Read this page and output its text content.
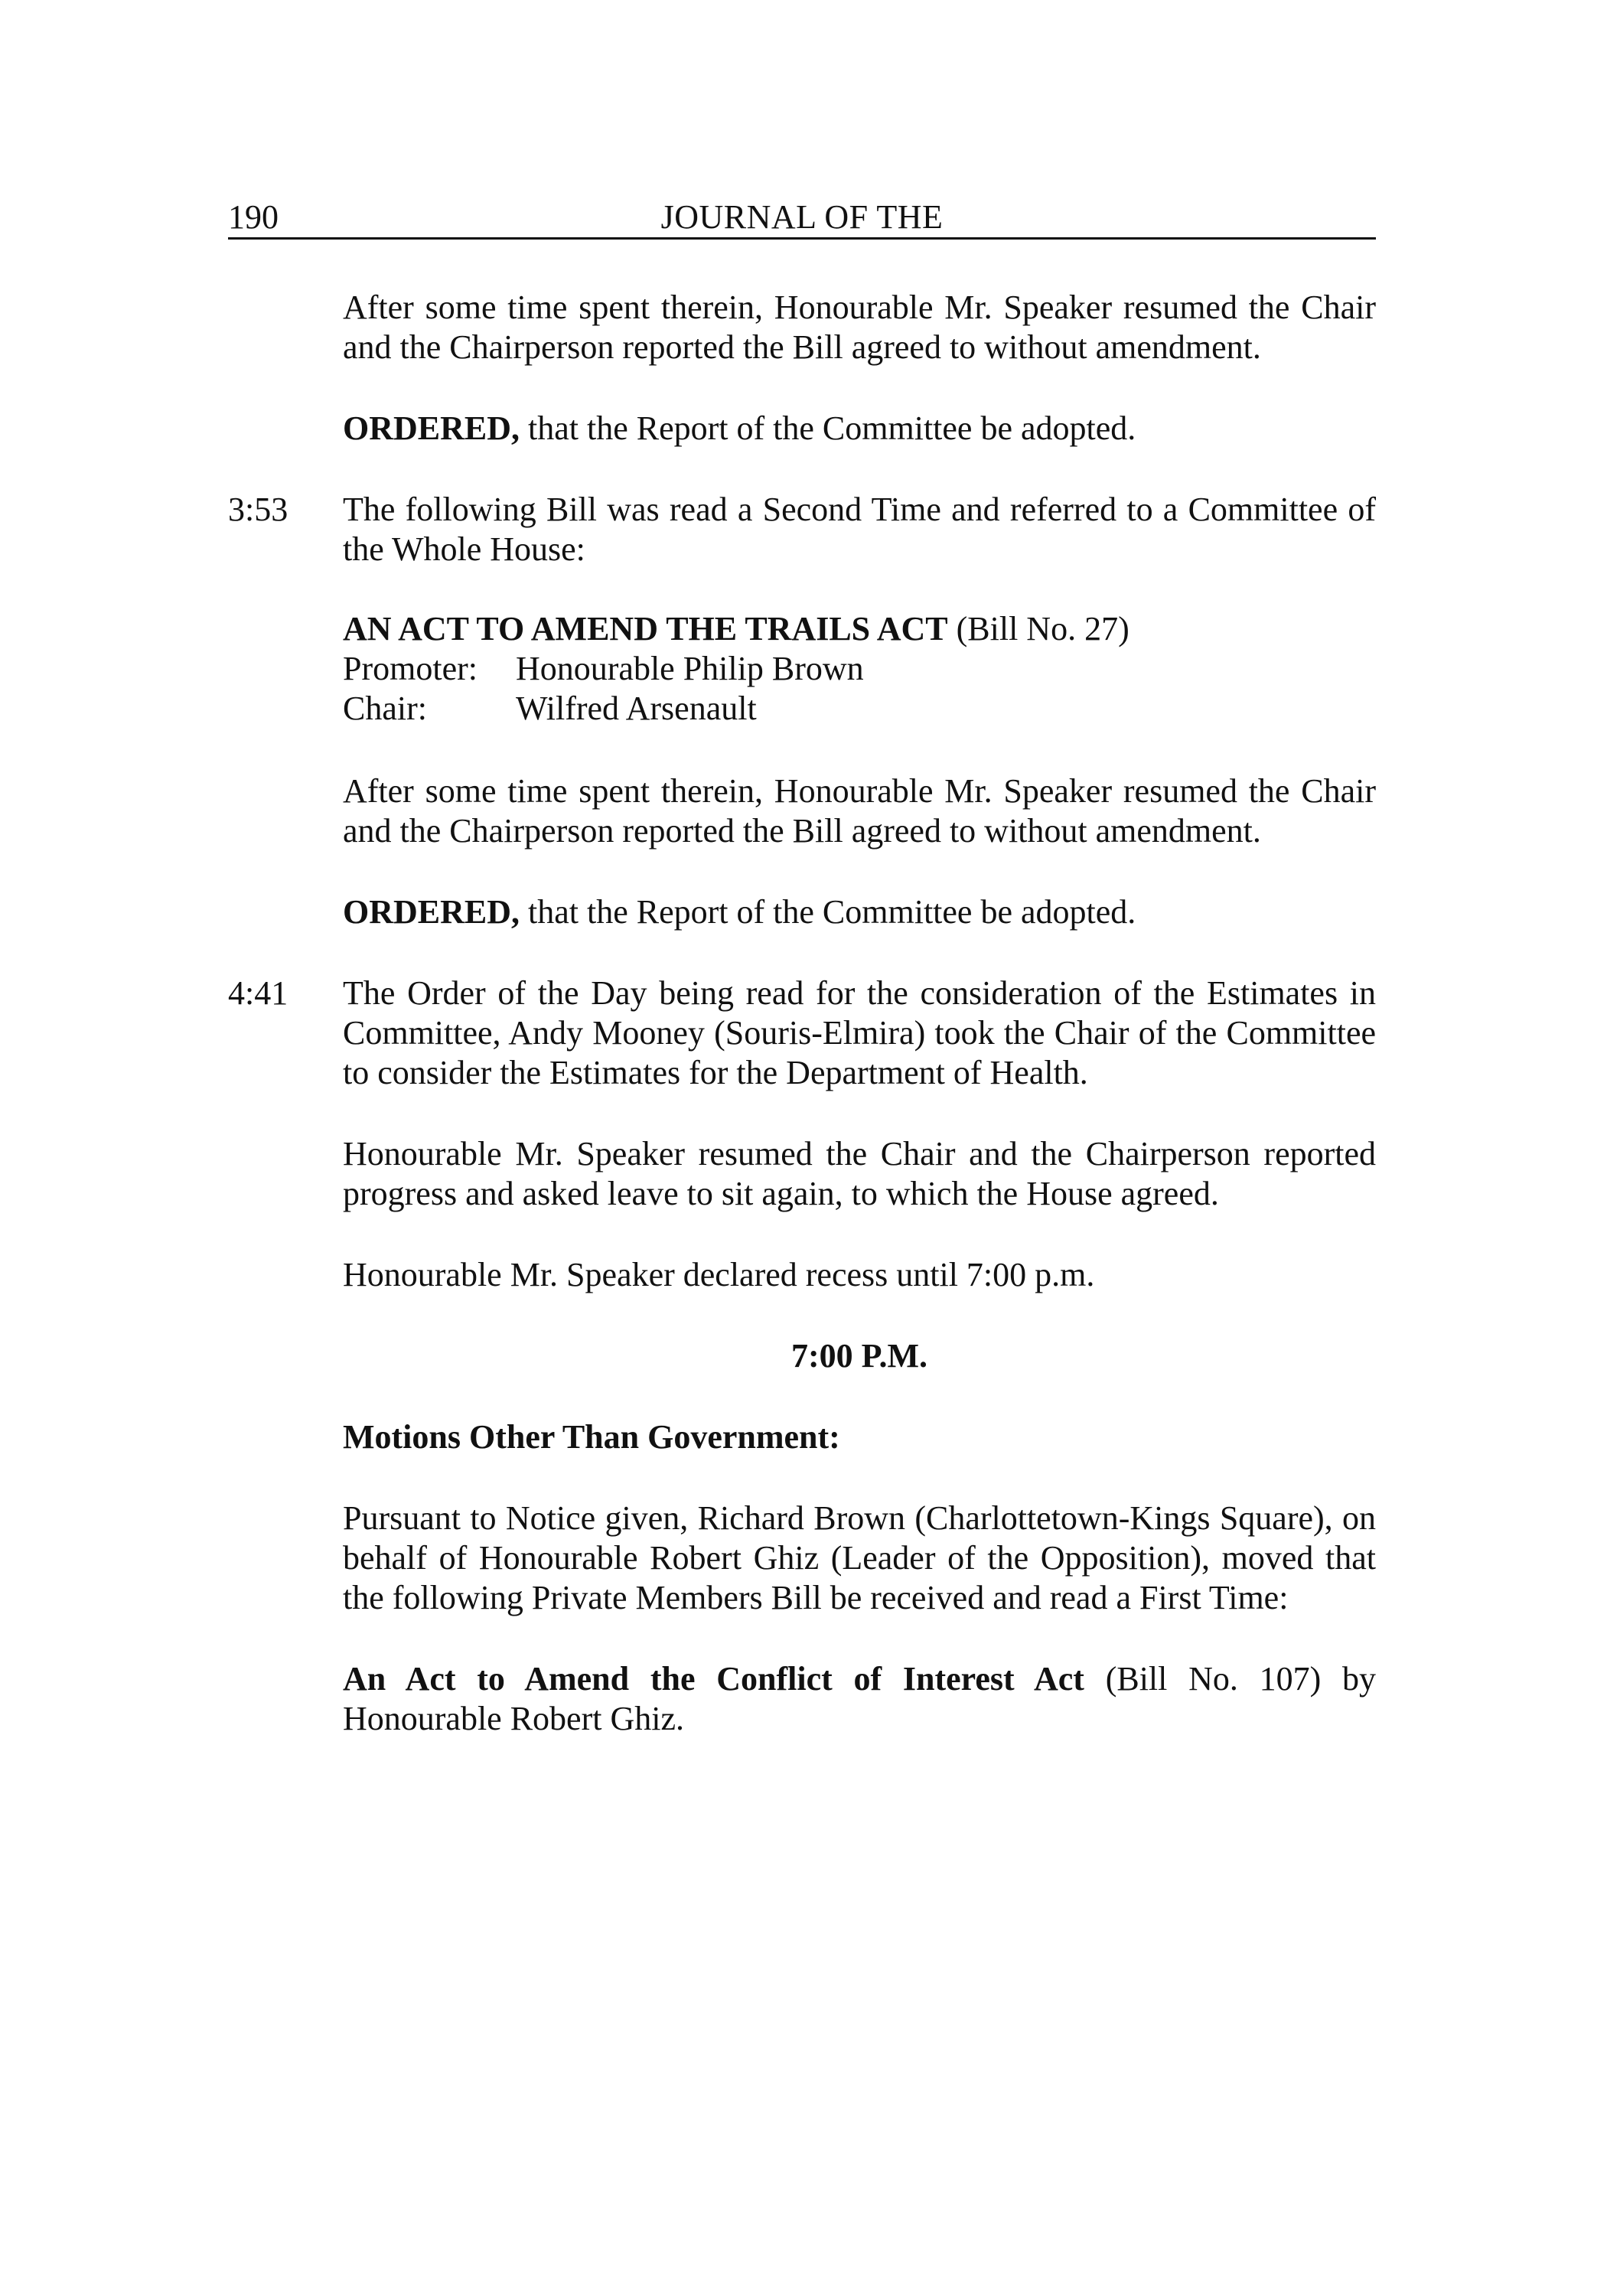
190	JOURNAL OF THE
After some time spent therein, Honourable Mr. Speaker resumed the Chair
and the Chairperson reported the Bill agreed to without amendment.
ORDERED, that the Report of the Committee be adopted.
3:53	The following Bill was read a Second Time and referred to a Committee of
the Whole House:
AN ACT TO AMEND THE TRAILS ACT (Bill No. 27)
Promoter:	Honourable Philip Brown
Chair:	Wilfred Arsenault
After some time spent therein, Honourable Mr. Speaker resumed the Chair
and the Chairperson reported the Bill agreed to without amendment.
ORDERED, that the Report of the Committee be adopted.
4:41	The Order of the Day being read for the consideration of the Estimates in
Committee, Andy Mooney (Souris-Elmira) took the Chair of the Committee
to consider the Estimates for the Department of Health.
Honourable Mr. Speaker resumed the Chair and the Chairperson reported
progress and asked leave to sit again, to which the House agreed.
Honourable Mr. Speaker declared recess until 7:00 p.m.
7:00 P.M.
Motions Other Than Government:
Pursuant to Notice given, Richard Brown (Charlottetown-Kings Square), on
behalf of Honourable Robert Ghiz (Leader of the Opposition), moved that
the following Private Members Bill be received and read a First Time:
An Act to Amend the Conflict of Interest Act (Bill No. 107) by
Honourable Robert Ghiz.
